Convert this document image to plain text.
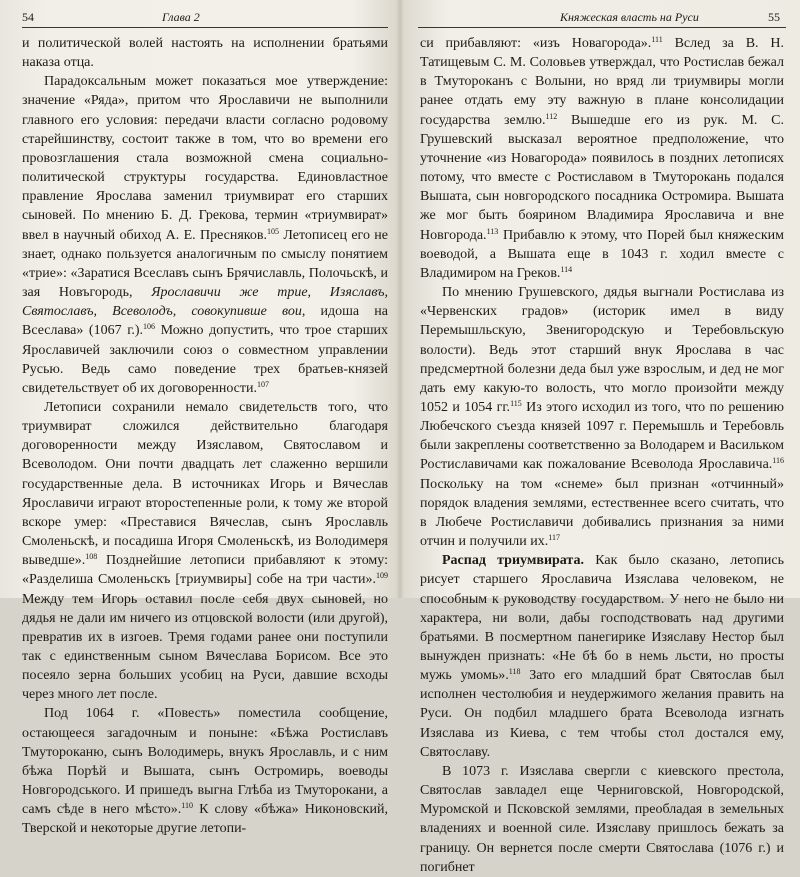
54	Глава 2

и политической волей настоять на исполнении братьями наказа отца.

Парадоксальным может показаться мое утверждение: значение «Ряда», притом что Ярославичи не выполнили главного его условия: передачи власти согласно родовому старейшинству, состоит также в том, что во времени его провозглашения стала возможной смена социально-политической структуры государства. Единовластное правление Ярослава заменил триумвират его старших сыновей. По мнению Б. Д. Грекова, термин «триумвират» ввел в научный обиход А. Е. Пресняков.$^{105}$ Летописец его не знает, однако пользуется аналогичным по смыслу понятием «трие»: «Заратися Всеславъ сынъ Брячиславль, Полочьскѣ, и зая Новъгородь, Ярославичи же трие, Изяславъ, Святославъ, Всеволодъ, совокупивше вои, идоша на Всеслава» (1067 г.).$^{106}$ Можно допустить, что трое старших Ярославичей заключили союз о совместном управлении Русью. Ведь само поведение трех братьев-князей свидетельствует об их договоренности.$^{107}$

Летописи сохранили немало свидетельств того, что триумвират сложился действительно благодаря договоренности между Изяславом, Святославом и Всеволодом. Они почти двадцать лет слаженно вершили государственные дела. В источниках Игорь и Вячеслав Ярославичи играют второстепенные роли, к тому же второй вскоре умер: «Преставися Вячеслав, сынъ Ярославль Смоленьскѣ, и посадиша Игоря Смоленьскѣ, из Володимеря выведше».$^{108}$ Позднейшие летописи прибавляют к этому: «Разделиша Смоленьскъ [триумвиры] собе на три части».$^{109}$ Между тем Игорь оставил после себя двух сыновей, но дядья не дали им ничего из отцовской волости (или другой), превратив их в изгоев. Тремя годами ранее они поступили так с единственным сыном Вячеслава Борисом. Все это посеяло зерна больших усобиц на Руси, давшие всходы через много лет после.

Под 1064 г. «Повесть» поместила сообщение, остающееся загадочным и поныне: «Бѣжа Ростиславъ Тмутороканю, сынъ Володимерь, внукъ Ярославль, и с ним бѣжа Порѣй и Вышата, сынъ Остромирь, воеводы Новгородського. И пришедъ выгна Глѣба из Тмуторокани, а самъ сѣде в него мѣсто».$^{110}$ К слову «бѣжа» Никоновский, Тверской и некоторые другие летопи-

Княжеская власть на Руси	55

си прибавляют: «изъ Новагорода».$^{111}$ Вслед за В. Н. Татищевым С. М. Соловьев утверждал, что Ростислав бежал в Тмутороканъ с Волыни, но вряд ли триумвиры могли ранее отдать ему эту важную в плане консолидации государства землю.$^{112}$ Вышедше его из рук. М. С. Грушевский высказал вероятное предположение, что уточнение «из Новагорода» появилось в поздних летописях потому, что вместе с Ростиславом в Тмуторокань подался Вышата, сын новгородского посадника Остромира. Вышата же мог быть боярином Владимира Ярославича и вне Новгорода.$^{113}$ Прибавлю к этому, что Порей был княжеским воеводой, а Вышата еще в 1043 г. ходил вместе с Владимиром на Греков.$^{114}$

По мнению Грушевского, дядья выгнали Ростислава из «Червенских градов» (историк имел в виду Перемышльскую, Звенигородскую и Теребовльскую волости). Ведь этот старший внук Ярослава в час предсмертной болезни деда был уже взрослым, и дед не мог дать ему какую-то волость, что могло произойти между 1052 и 1054 гг.$^{115}$ Из этого исходил из того, что по решению Любечского съезда князей 1097 г. Перемышль и Теребовль были закреплены соответственно за Володарем и Васильком Ростиславичами как пожалование Всеволода Ярославича.$^{116}$ Поскольку на том «снеме» был признан «отчинный» порядок владения землями, естественнее всего считать, что в Любече Ростиславичи добивались признания за ними отчин и получили их.$^{117}$

Распад триумвирата. Как было сказано, летопись рисует старшего Ярославича Изяслава человеком, не способным к руководству государством. У него не было ни характера, ни воли, дабы господствовать над другими братьями. В посмертном панегирике Изяславу Нестор был вынужден признать: «Не бѣ бо в немь льсти, но просты мужь умомь».$^{118}$ Зато его младший брат Святослав был исполнен честолюбия и неудержимого желания править на Руси. Он подбил младшего брата Всеволода изгнать Изяслава из Киева, с тем чтобы стол достался ему, Святославу.

В 1073 г. Изяслава свергли с киевского престола, Святослав завладел еще Черниговской, Новгородской, Муромской и Псковской землями, преобладая в земельных владениях и военной силе. Изяславу пришлось бежать за границу. Он вернется после смерти Святослава (1076 г.) и погибнет
